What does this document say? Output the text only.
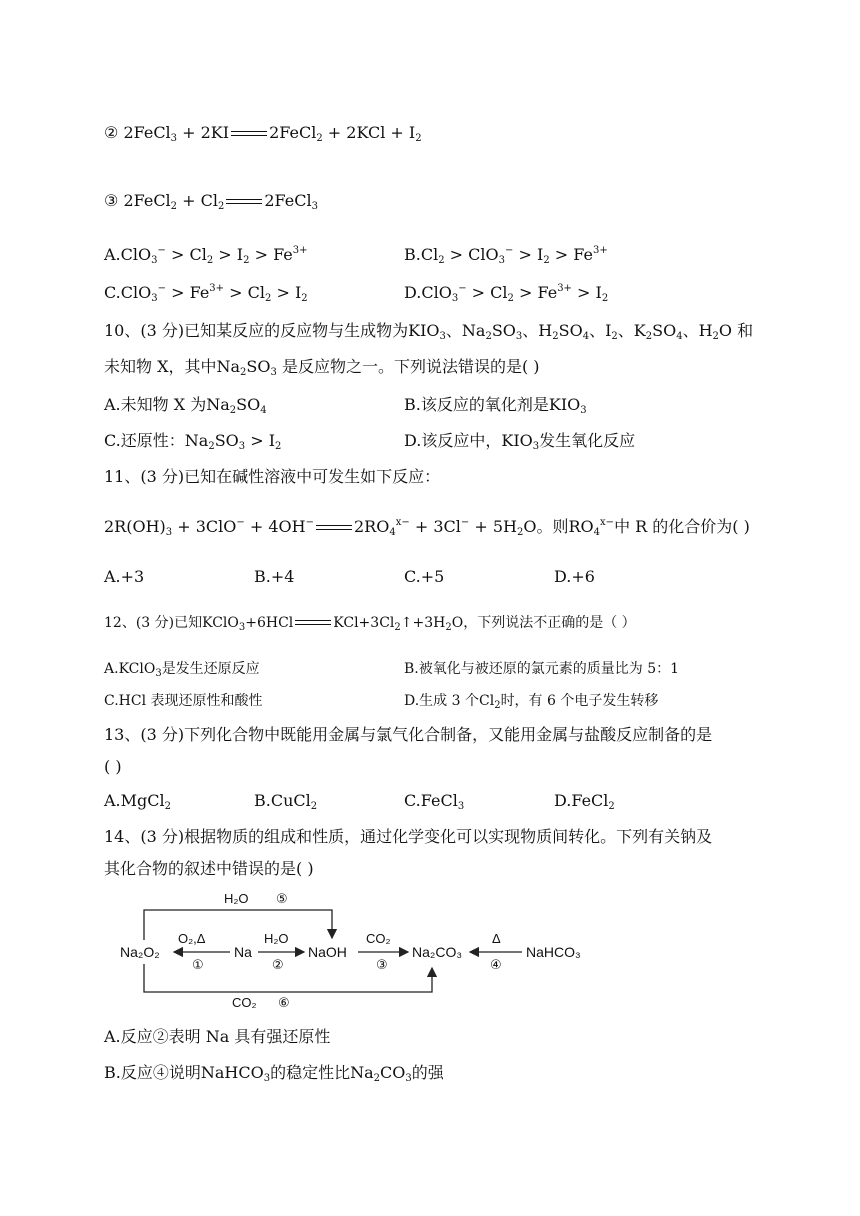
② 2FeCl$_3$ + 2KI	2FeCl$_2$ + $2KCl + I_2$
③ 2FeCl$_2$ + $Cl_2$	2FeCl$_3$
$A.ClO_3^- > Cl_2 > I_2 > Fe^{3+}$	$B.Cl_2 > ClO_3^- > I_2 > Fe^{3+}$
$C.ClO_3^- > Fe^{3+} > Cl_2 > I_2$	$D.ClO_3^- > Cl_2 > Fe^{3+} > I_2$
10、(3 分)已知某反应的反应物与生成物为$KIO_3$、$Na_2SO_3$、$H_2SO_4$、$I_2$、$K_2SO_4$、$H_2O$ 和
未知物 X，其中$Na_2SO_3$ 是反应物之一。下列说法错误的是( )
A.未知物 X 为$Na_2SO_4$	B.该反应的氧化剂是$KIO_3$
C.还原性：$Na_2SO_3 > I_2$	D.该反应中，$KIO_3$发生氧化反应
11、(3 分)已知在碱性溶液中可发生如下反应：
$2R(OH)_3 + 3ClO^- + 4OH^-$	$2RO_4^{x-} + 3Cl^- + 5H_2O$。则$RO_4^{x-}$中 R 的化合价为( )
A.+3	B.+4	C.+5	D.+6
12、(3 分)已知KClO$_3$+6HCl	$KCl+3Cl_2↑+3H_2O$，下列说法不正确的是（ ）
A.KClO$_3$是发生还原反应	B.被氧化与被还原的氯元素的质量比为 5：1
C.HCl 表现还原性和酸性	D.生成 3 个$Cl_2$时，有 6 个电子发生转移
13、(3 分)下列化合物中既能用金属与氯气化合制备，又能用金属与盐酸反应制备的是
( )
A.MgCl$_2$	B.CuCl$_2$	C.FeCl$_3$	D.FeCl$_2$
14、(3 分)根据物质的组成和性质，通过化学变化可以实现物质间转化。下列有关钠及
其化合物的叙述中错误的是( )
Na₂O₂	Na	NaOH	Na₂CO₃	NaHCO₃
O₂,Δ
①
H₂O
②
CO₂
③
Δ
④
H₂O ⑤
CO₂ ⑥
A.反应②表明 Na 具有强还原性
B.反应④说明NaHCO$_3$的稳定性比$Na_2CO_3$的强
